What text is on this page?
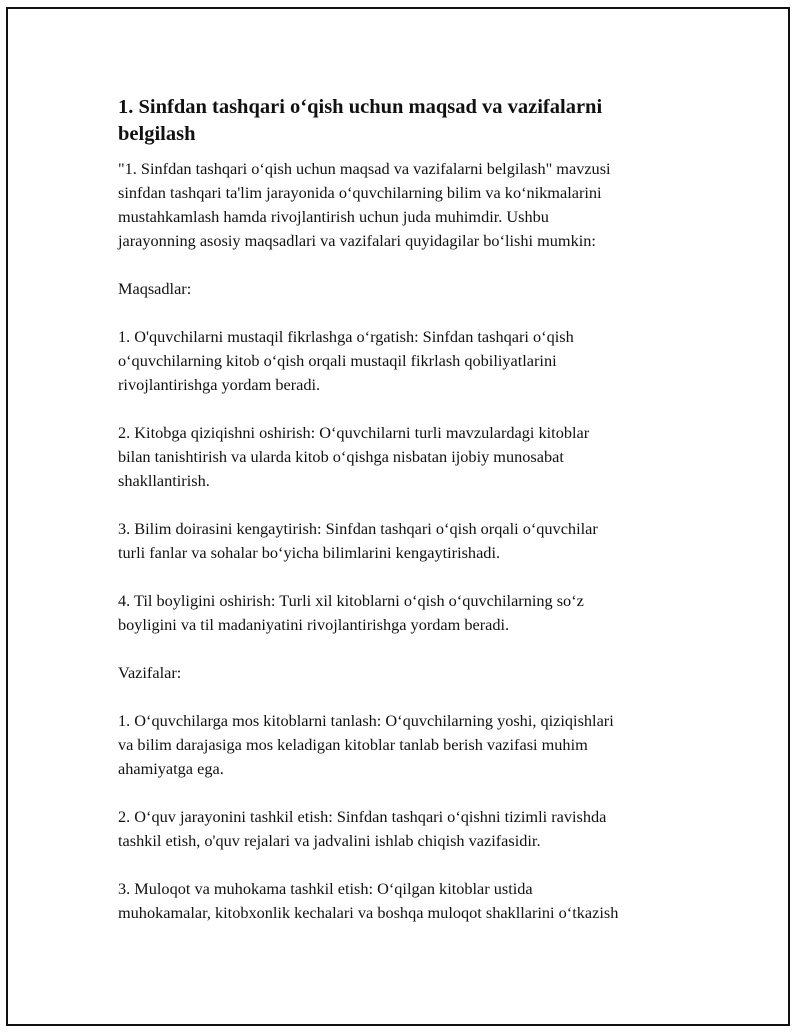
1. Sinfdan tashqari o‘qish uchun maqsad va vazifalarni
belgilash

"1. Sinfdan tashqari o‘qish uchun maqsad va vazifalarni belgilash" mavzusi
sinfdan tashqari ta'lim jarayonida o‘quvchilarning bilim va ko‘nikmalarini
mustahkamlash hamda rivojlantirish uchun juda muhimdir. Ushbu
jarayonning asosiy maqsadlari va vazifalari quyidagilar bo‘lishi mumkin:

Maqsadlar:

1. O'quvchilarni mustaqil fikrlashga o‘rgatish: Sinfdan tashqari o‘qish
o‘quvchilarning kitob o‘qish orqali mustaqil fikrlash qobiliyatlarini
rivojlantirishga yordam beradi.

2. Kitobga qiziqishni oshirish: O‘quvchilarni turli mavzulardagi kitoblar
bilan tanishtirish va ularda kitob o‘qishga nisbatan ijobiy munosabat
shakllantirish.

3. Bilim doirasini kengaytirish: Sinfdan tashqari o‘qish orqali o‘quvchilar
turli fanlar va sohalar bo‘yicha bilimlarini kengaytirishadi.

4. Til boyligini oshirish: Turli xil kitoblarni o‘qish o‘quvchilarning so‘z
boyligini va til madaniyatini rivojlantirishga yordam beradi.

Vazifalar:

1. O‘quvchilarga mos kitoblarni tanlash: O‘quvchilarning yoshi, qiziqishlari
va bilim darajasiga mos keladigan kitoblar tanlab berish vazifasi muhim
ahamiyatga ega.

2. O‘quv jarayonini tashkil etish: Sinfdan tashqari o‘qishni tizimli ravishda
tashkil etish, o'quv rejalari va jadvalini ishlab chiqish vazifasidir.

3. Muloqot va muhokama tashkil etish: O‘qilgan kitoblar ustida
muhokamalar, kitobxonlik kechalari va boshqa muloqot shakllarini o‘tkazish
